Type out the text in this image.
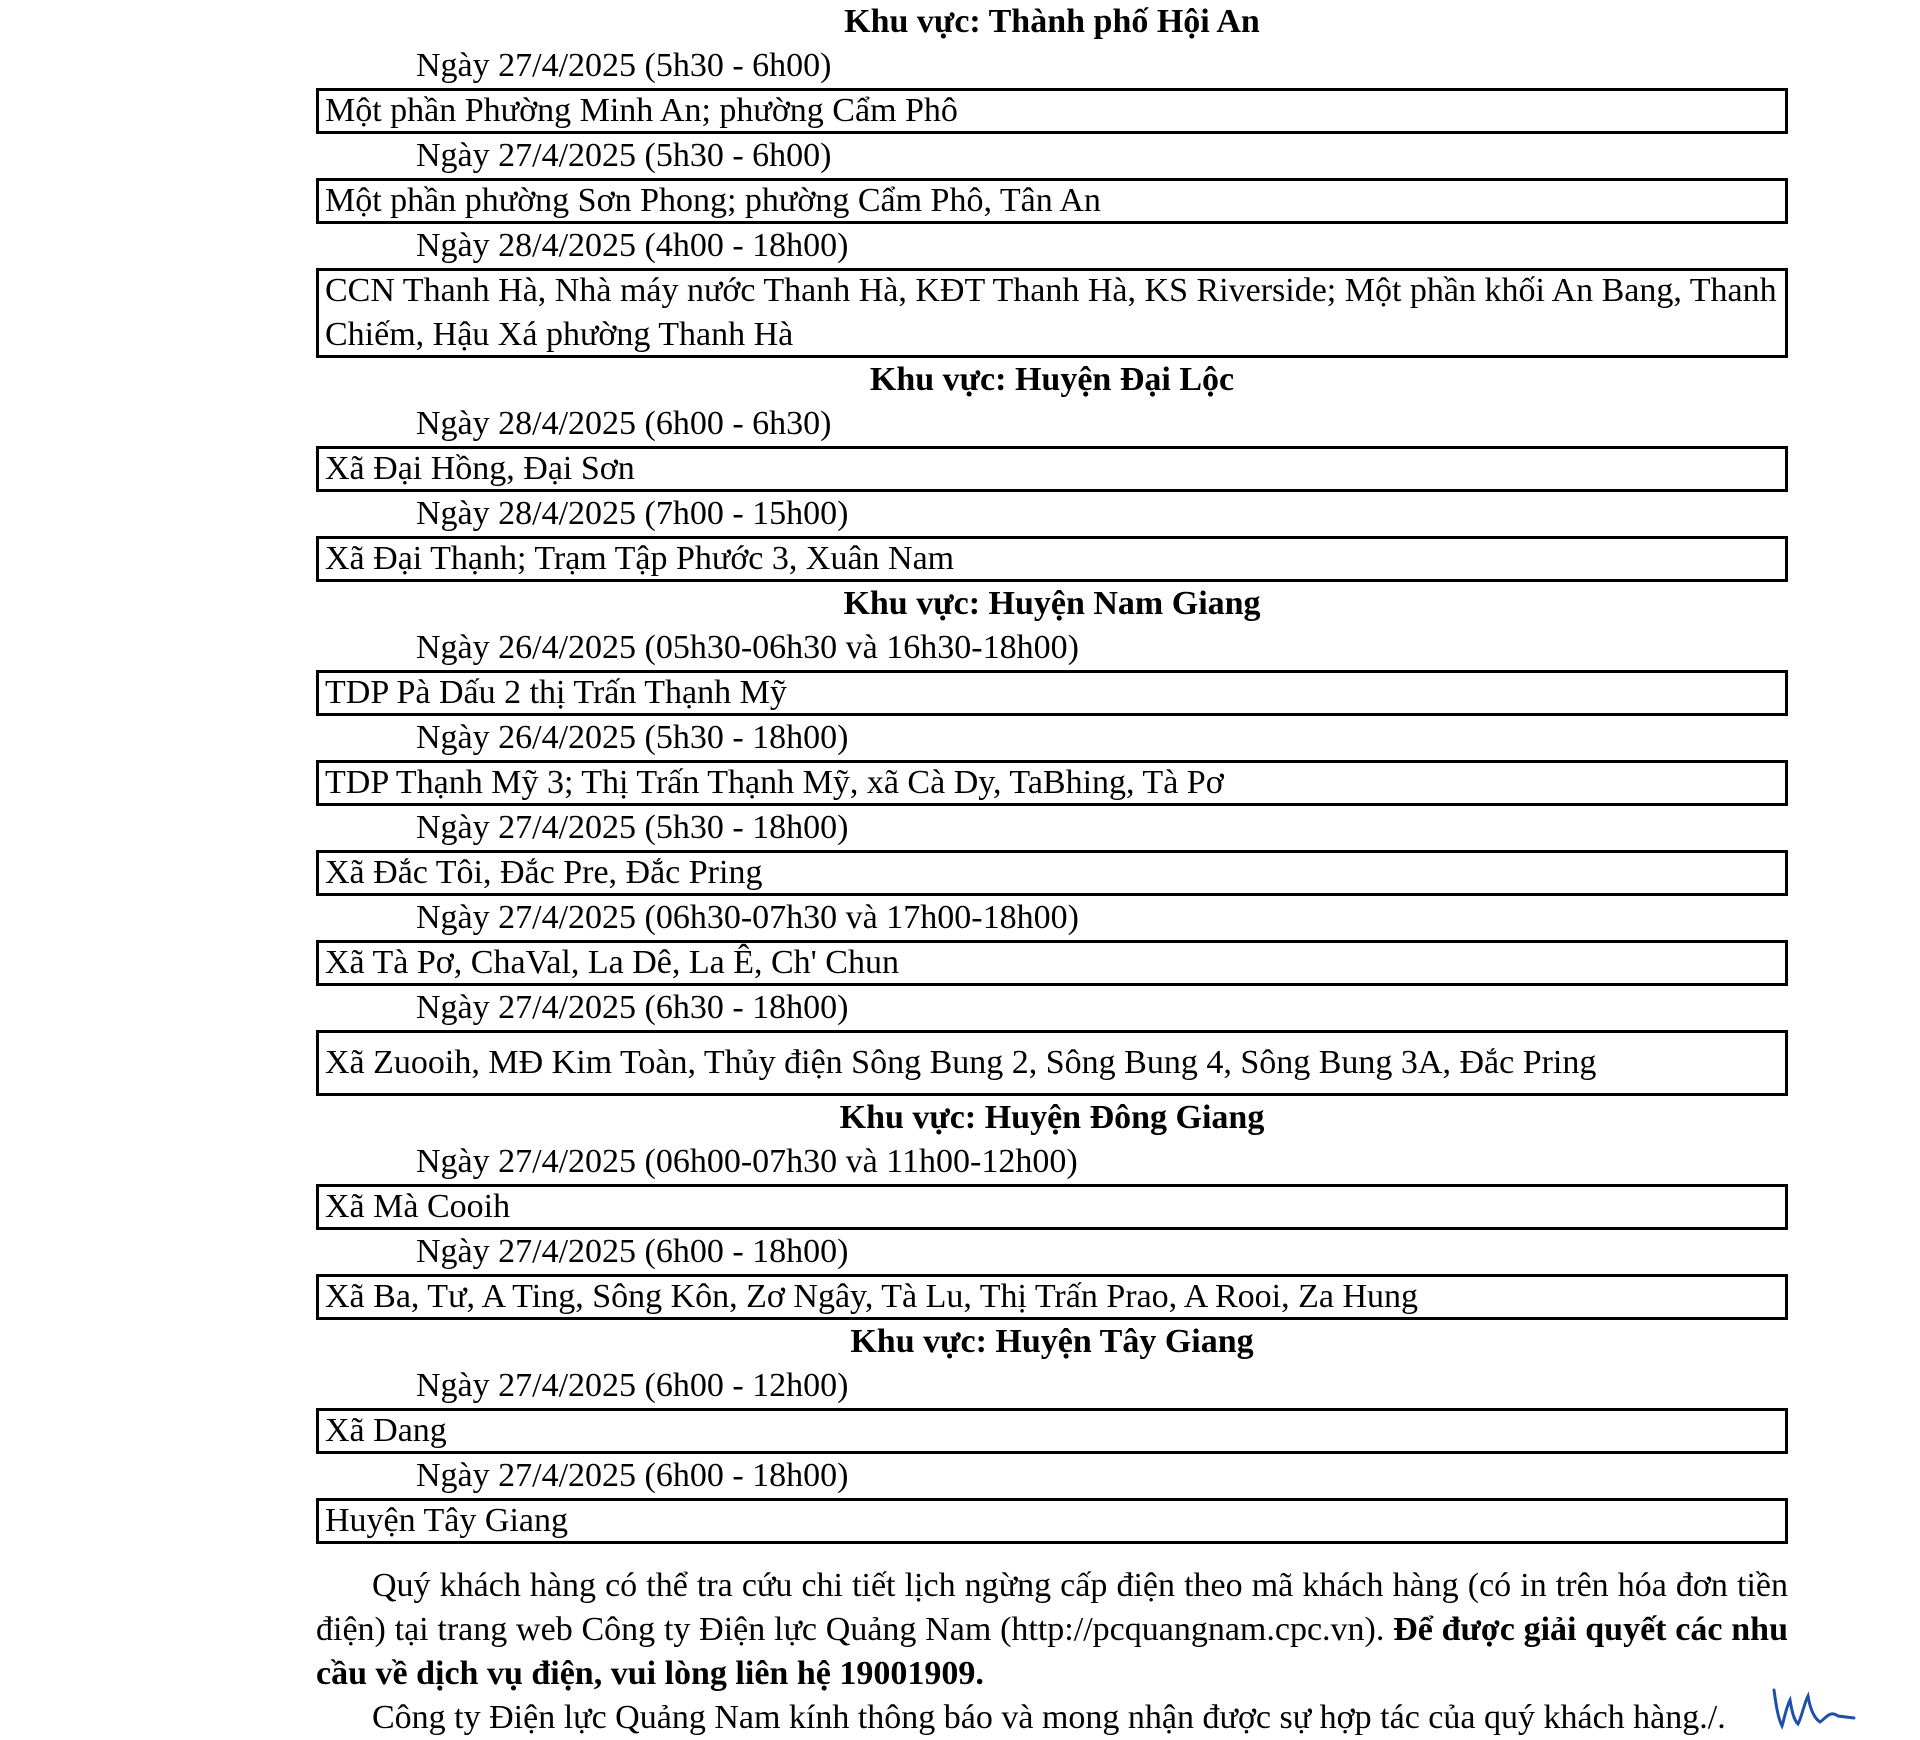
Khu vực: Thành phố Hội An
Ngày 27/4/2025 (5h30 - 6h00)
Một phần Phường Minh An; phường Cẩm Phô
Ngày 27/4/2025 (5h30 - 6h00)
Một phần phường Sơn Phong; phường Cẩm Phô, Tân An
Ngày 28/4/2025 (4h00 - 18h00)
CCN Thanh Hà, Nhà máy nước Thanh Hà, KĐT Thanh Hà, KS Riverside; Một phần khối An Bang, Thanh Chiếm, Hậu Xá phường Thanh Hà
Khu vực: Huyện Đại Lộc
Ngày 28/4/2025 (6h00 - 6h30)
Xã Đại Hồng, Đại Sơn
Ngày 28/4/2025 (7h00 - 15h00)
Xã Đại Thạnh; Trạm Tập Phước 3, Xuân Nam
Khu vực: Huyện Nam Giang
Ngày 26/4/2025 (05h30-06h30 và 16h30-18h00)
TDP Pà Dấu 2 thị Trấn Thạnh Mỹ
Ngày 26/4/2025 (5h30 - 18h00)
TDP Thạnh Mỹ 3; Thị Trấn Thạnh Mỹ, xã Cà Dy, TaBhing, Tà Pơ
Ngày 27/4/2025 (5h30 - 18h00)
Xã Đắc Tôi, Đắc Pre, Đắc Pring
Ngày 27/4/2025 (06h30-07h30 và 17h00-18h00)
Xã Tà Pơ, ChaVal, La Dê, La Ê, Ch' Chun
Ngày 27/4/2025 (6h30 - 18h00)
Xã Zuooih, MĐ Kim Toàn, Thủy điện Sông Bung 2, Sông Bung 4, Sông Bung 3A, Đắc Pring
Khu vực: Huyện Đông Giang
Ngày 27/4/2025 (06h00-07h30 và 11h00-12h00)
Xã Mà Cooih
Ngày 27/4/2025 (6h00 - 18h00)
Xã Ba, Tư, A Ting, Sông Kôn, Zơ Ngây, Tà Lu, Thị Trấn Prao, A Rooi, Za Hung
Khu vực: Huyện Tây Giang
Ngày 27/4/2025 (6h00 - 12h00)
Xã Dang
Ngày 27/4/2025 (6h00 - 18h00)
Huyện Tây Giang

Quý khách hàng có thể tra cứu chi tiết lịch ngừng cấp điện theo mã khách hàng (có in trên hóa đơn tiền điện) tại trang web Công ty Điện lực Quảng Nam (http://pcquangnam.cpc.vn). Để được giải quyết các nhu cầu về dịch vụ điện, vui lòng liên hệ 19001909.

Công ty Điện lực Quảng Nam kính thông báo và mong nhận được sự hợp tác của quý khách hàng./.
